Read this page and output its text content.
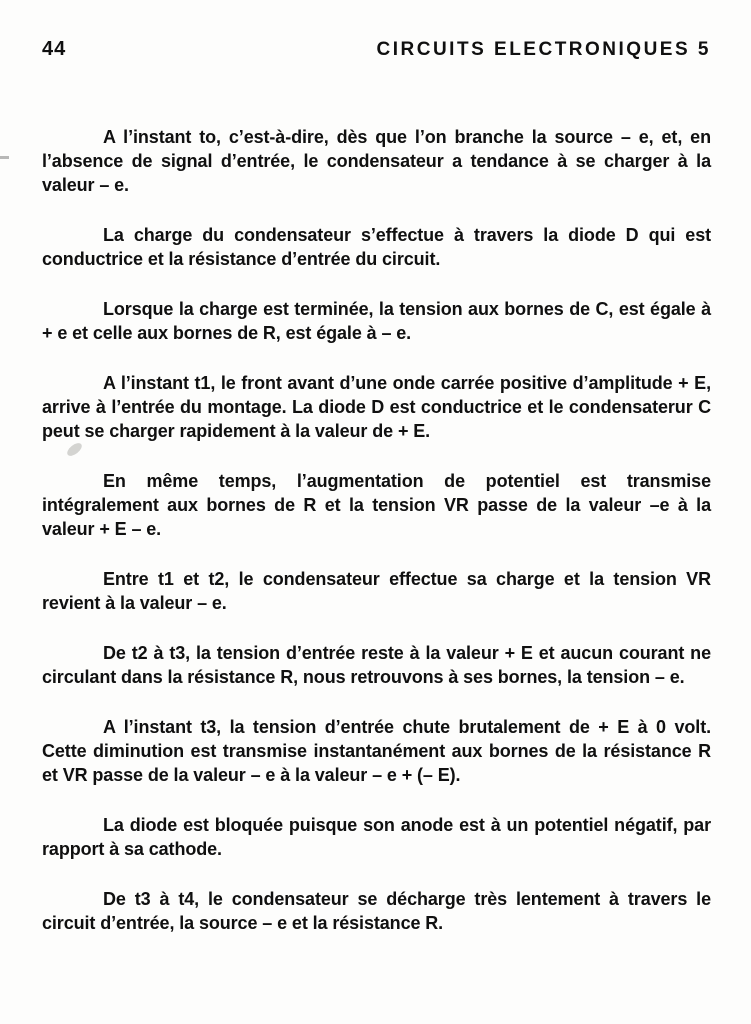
44	CIRCUITS ELECTRONIQUES 5

A l’instant to, c’est-à-dire, dès que l’on branche la source – e, et, en l’absence de signal d’entrée, le condensateur a tendance à se charger à la valeur – e.

La charge du condensateur s’effectue à travers la diode D qui est conductrice et la résistance d’entrée du circuit.

Lorsque la charge est terminée, la tension aux bornes de C, est égale à + e et celle aux bornes de R, est égale à – e.

A l’instant t1, le front avant d’une onde carrée positive d’amplitude + E, arrive à l’entrée du montage. La diode D est conductrice et le condensaterur C peut se charger rapidement à la valeur de + E.

En même temps, l’augmentation de potentiel est transmise intégralement aux bornes de R et la tension VR passe de la valeur –e à la valeur + E – e.

Entre t1 et t2, le condensateur effectue sa charge et la tension VR revient à la valeur – e.

De t2 à t3, la tension d’entrée reste à la valeur + E et aucun courant ne circulant dans la résistance R, nous retrouvons à ses bornes, la tension – e.

A l’instant t3, la tension d’entrée chute brutalement de + E à 0 volt. Cette diminution est transmise instantanément aux bornes de la résistance R et VR passe de la valeur – e à la valeur – e + (– E).

La diode est bloquée puisque son anode est à un potentiel négatif, par rapport à sa cathode.

De t3 à t4, le condensateur se décharge très lentement à travers le circuit d’entrée, la source – e et la résistance R.
